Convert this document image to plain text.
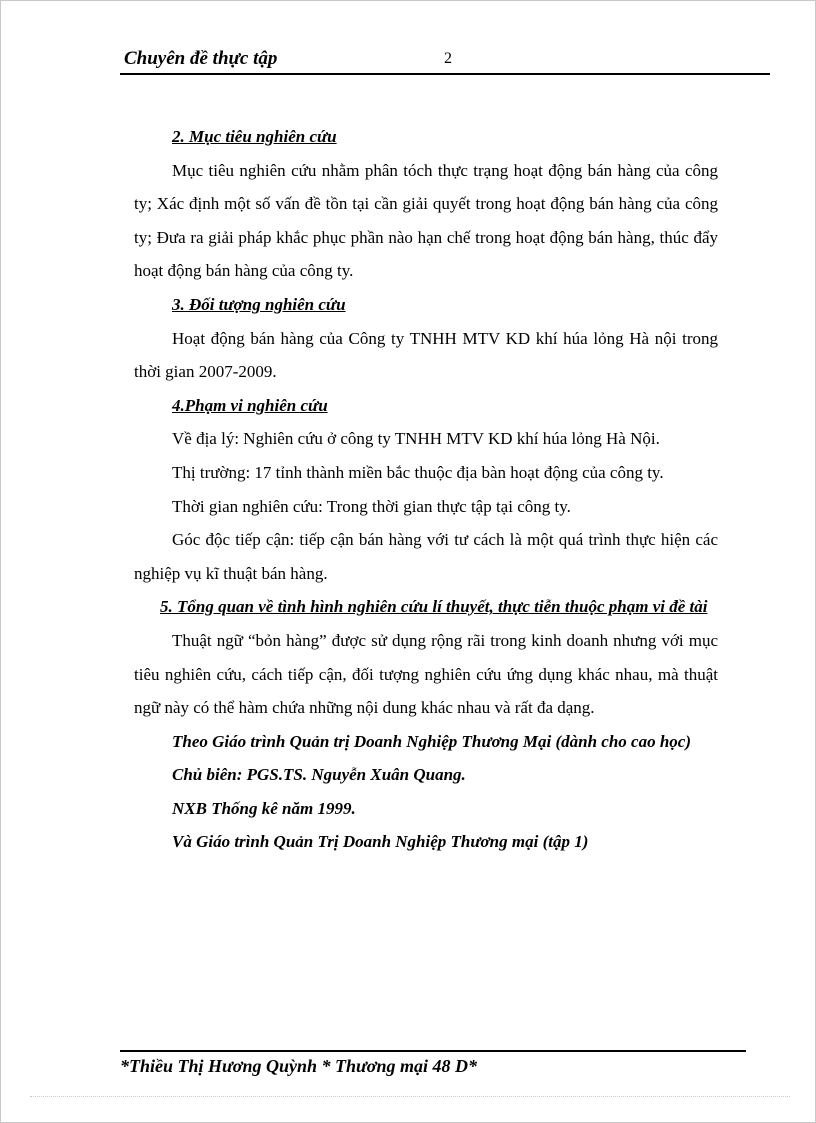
Chuyên đề thực tập	2

2. Mục tiêu nghiên cứu

Mục tiêu nghiên cứu nhằm phân tóch thực trạng hoạt động bán hàng của công ty; Xác định một số vấn đề tồn tại cần giải quyết trong hoạt động bán hàng của công ty; Đưa ra giải pháp khắc phục phần nào hạn chế trong hoạt động bán hàng, thúc đẩy hoạt động bán hàng của công ty.

3. Đối tượng nghiên cứu

Hoạt động bán hàng của Công ty TNHH MTV KD khí húa lỏng Hà nội trong thời gian 2007-2009.

4.Phạm vi nghiên cứu

Về địa lý: Nghiên cứu ở công ty TNHH MTV KD khí húa lỏng Hà Nội.

Thị trường: 17 tỉnh thành miền bắc thuộc địa bàn hoạt động của công ty.

Thời gian nghiên cứu: Trong thời gian thực tập tại công ty.

Góc độc tiếp cận: tiếp cận bán hàng với tư cách là một quá trình thực hiện các nghiệp vụ kĩ thuật bán hàng.

5. Tổng quan về tình hình nghiên cứu lí thuyết, thực tiễn thuộc phạm vi đề tài

Thuật ngữ “bỏn hàng” được sử dụng rộng rãi trong kinh doanh nhưng với mục tiêu nghiên cứu, cách tiếp cận, đối tượng nghiên cứu ứng dụng khác nhau, mà thuật ngữ này có thể hàm chứa những nội dung khác nhau và rất đa dạng.

Theo Giáo trình Quản trị Doanh Nghiệp Thương Mại (dành cho cao học)

Chủ biên: PGS.TS. Nguyễn Xuân Quang.

NXB Thống kê năm 1999.

Và Giáo trình Quản Trị Doanh Nghiệp Thương mại (tập 1)

*Thiều Thị Hương Quỳnh * Thương mại 48 D*
